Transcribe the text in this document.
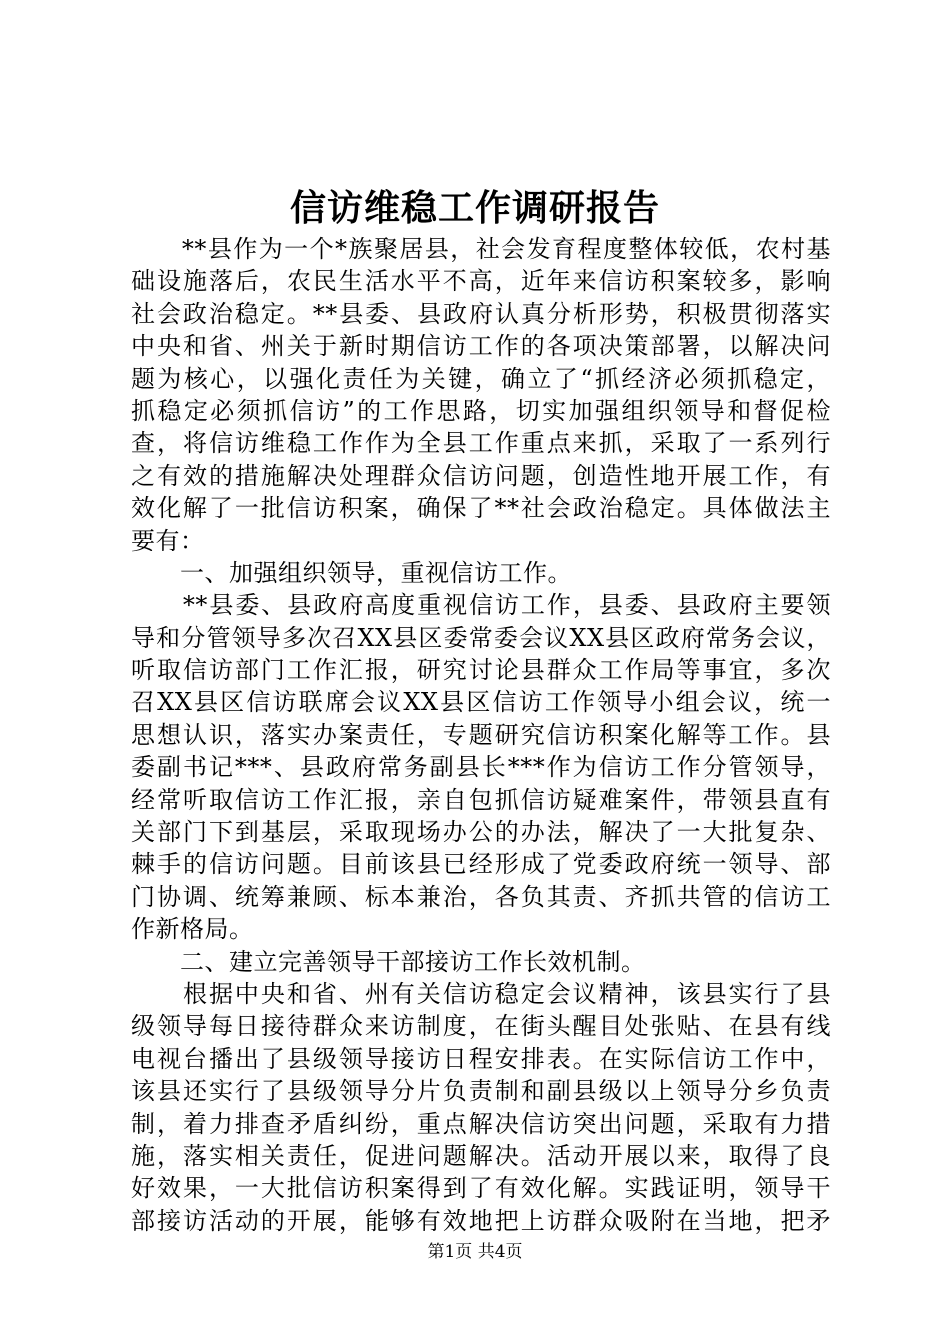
信访维稳工作调研报告
　　**县作为一个*族聚居县，社会发育程度整体较低，农村基
础设施落后，农民生活水平不高，近年来信访积案较多，影响
社会政治稳定。**县委、县政府认真分析形势，积极贯彻落实
中央和省、州关于新时期信访工作的各项决策部署，以解决问
题为核心，以强化责任为关键，确立了“抓经济必须抓稳定，
抓稳定必须抓信访”的工作思路，切实加强组织领导和督促检
查，将信访维稳工作作为全县工作重点来抓，采取了一系列行
之有效的措施解决处理群众信访问题，创造性地开展工作，有
效化解了一批信访积案，确保了**社会政治稳定。具体做法主
要有：
　　一、加强组织领导，重视信访工作。
　　**县委、县政府高度重视信访工作，县委、县政府主要领
导和分管领导多次召XX县区委常委会议XX县区政府常务会议，
听取信访部门工作汇报，研究讨论县群众工作局等事宜，多次
召XX县区信访联席会议XX县区信访工作领导小组会议，统一
思想认识，落实办案责任，专题研究信访积案化解等工作。县
委副书记***、县政府常务副县长***作为信访工作分管领导，
经常听取信访工作汇报，亲自包抓信访疑难案件，带领县直有
关部门下到基层，采取现场办公的办法，解决了一大批复杂、
棘手的信访问题。目前该县已经形成了党委政府统一领导、部
门协调、统筹兼顾、标本兼治，各负其责、齐抓共管的信访工
作新格局。
　　二、建立完善领导干部接访工作长效机制。
　　根据中央和省、州有关信访稳定会议精神，该县实行了县
级领导每日接待群众来访制度，在街头醒目处张贴、在县有线
电视台播出了县级领导接访日程安排表。在实际信访工作中，
该县还实行了县级领导分片负责制和副县级以上领导分乡负责
制，着力排查矛盾纠纷，重点解决信访突出问题，采取有力措
施，落实相关责任，促进问题解决。活动开展以来，取得了良
好效果，一大批信访积案得到了有效化解。实践证明，领导干
部接访活动的开展，能够有效地把上访群众吸附在当地，把矛
第1页 共4页
